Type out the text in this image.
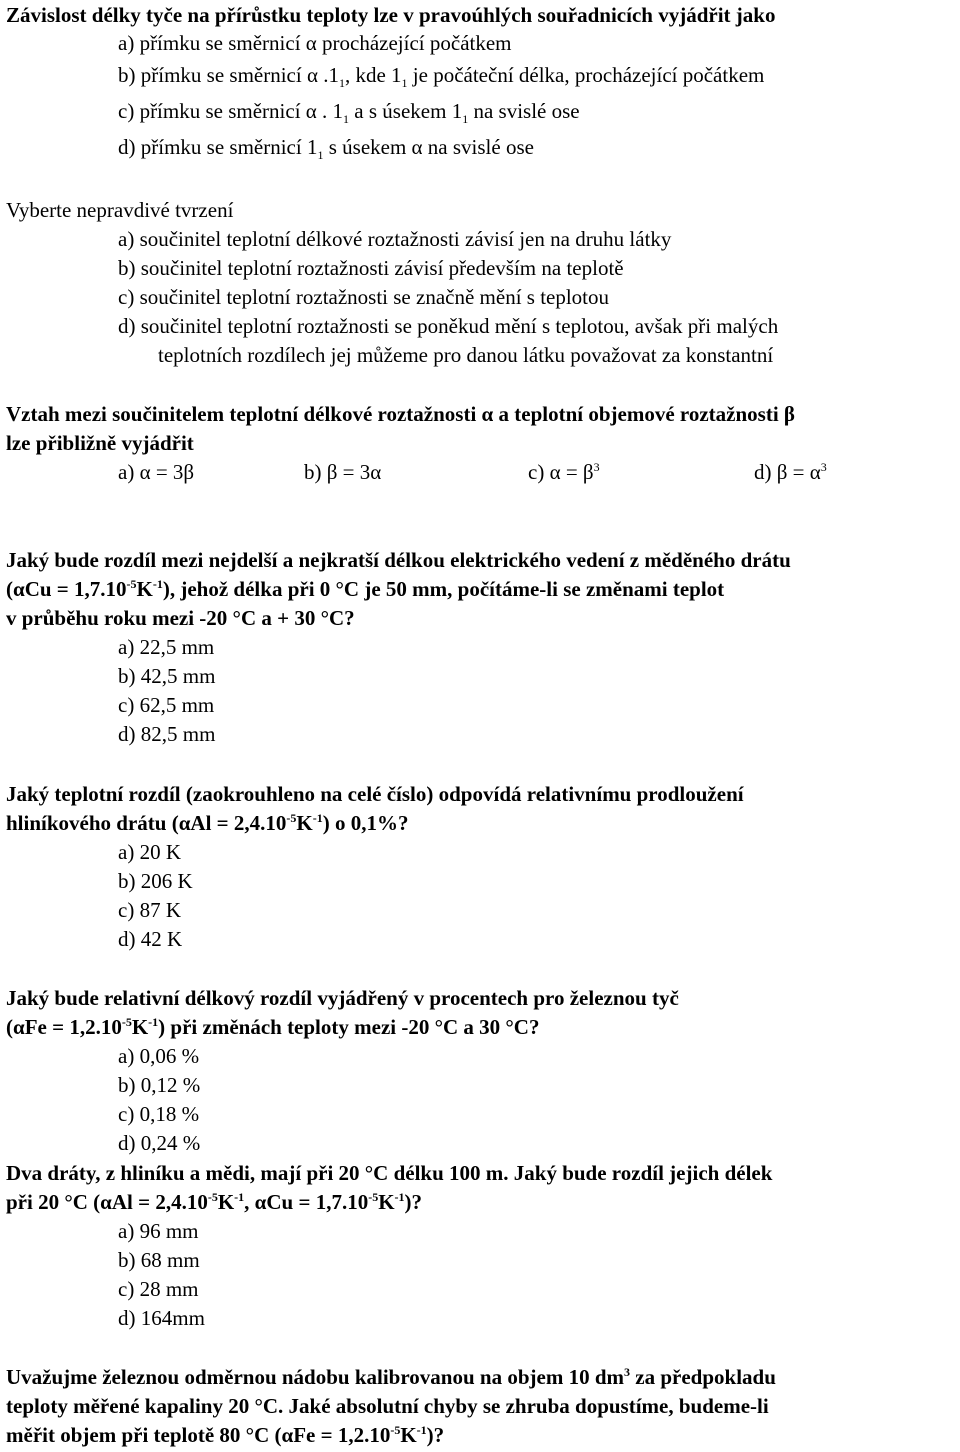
Závislost délky tyče na přírůstku teploty lze v pravoúhlých souřadnicích vyjádřit jako
a) přímku se směrnicí α procházející počátkem
b) přímku se směrnicí α $.1_1$, kde $1_1$ je počáteční délka, procházející počátkem
c) přímku se směrnicí α . $1_1$ a s úsekem $1_1$ na svislé ose
d) přímku se směrnicí $1_1$ s úsekem α na svislé ose
Vyberte nepravdivé tvrzení
a) součinitel teplotní délkové roztažnosti závisí jen na druhu látky
b) součinitel teplotní roztažnosti závisí především na teplotě
c) součinitel teplotní roztažnosti se značně mění s teplotou
d) součinitel teplotní roztažnosti se poněkud mění s teplotou, avšak při malých
teplotních rozdílech jej můžeme pro danou látku považovat za konstantní
Vztah mezi součinitelem teplotní délkové roztažnosti α a teplotní objemové roztažnosti β
lze přibližně vyjádřit
a) α = 3β	b) β = 3α	c) $\alpha = \beta^3$	d) $\beta = \alpha^3$
Jaký bude rozdíl mezi nejdelší a nejkratší délkou elektrického vedení z měděného drátu
$(\alpha Cu = 1,7.10^{-5}K^{-1})$, jehož délka při 0 °C je 50 mm, počítáme-li se změnami teplot
v průběhu roku mezi -20 °C a + 30 °C?
a) 22,5 mm
b) 42,5 mm
c) 62,5 mm
d) 82,5 mm
Jaký teplotní rozdíl (zaokrouhleno na celé číslo) odpovídá relativnímu prodloužení
hliníkového drátu $(\alpha Al = 2,4.10^{-5}K^{-1})$ o 0,1%?
a) 20 K
b) 206 K
c) 87 K
d) 42 K
Jaký bude relativní délkový rozdíl vyjádřený v procentech pro železnou tyč
$(\alpha Fe = 1,2.10^{-5}K^{-1})$ při změnách teploty mezi -20 °C a 30 °C?
a) 0,06 %
b) 0,12 %
c) 0,18 %
d) 0,24 %
Dva dráty, z hliníku a mědi, mají při 20 °C délku 100 m. Jaký bude rozdíl jejich délek
při 20 °C ($\alpha Al = 2,4.10^{-5}K^{-1}$, $\alpha Cu = 1,7.10^{-5}K^{-1}$)?
a) 96 mm
b) 68 mm
c) 28 mm
d) 164mm
Uvažujme železnou odměrnou nádobu kalibrovanou na objem 10 $dm^3$ za předpokladu
teploty měřené kapaliny 20 °C. Jaké absolutní chyby se zhruba dopustíme, budeme-li
měřit objem při teplotě 80 °C $(\alpha Fe = 1,2.10^{-5}K^{-1})$?
